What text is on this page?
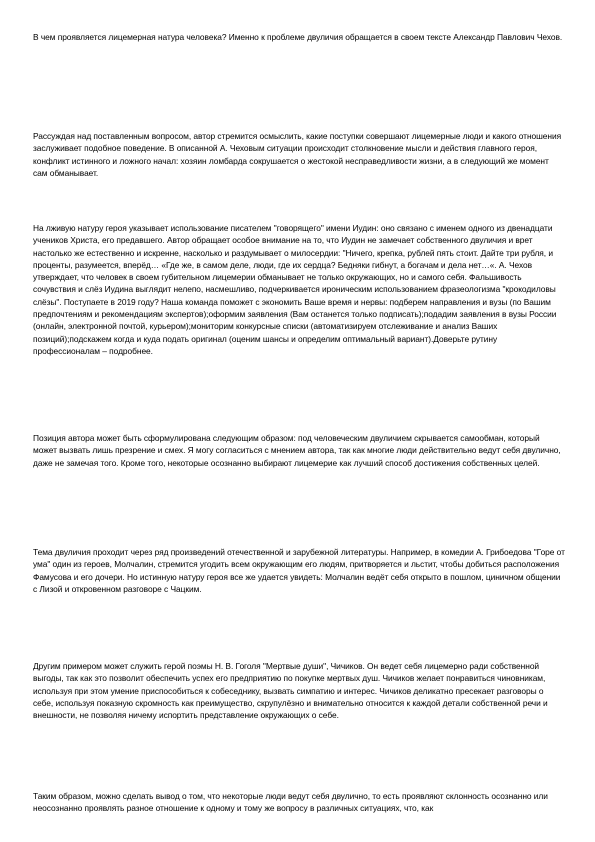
В чем проявляется лицемерная натура человека? Именно к проблеме двуличия обращается в своем тексте Александр Павлович Чехов.

Рассуждая над поставленным вопросом, автор стремится осмыслить, какие поступки совершают лицемерные люди и какого отношения заслуживает подобное поведение. В описанной А. Чеховым ситуации происходит столкновение мысли и действия главного героя, конфликт истинного и ложного начал: хозяин ломбарда сокрушается о жестокой несправедливости жизни, а в следующий же момент сам обманывает.

На лживую натуру героя указывает использование писателем "говорящего" имени Иудин: оно связано с именем одного из двенадцати учеников Христа, его предавшего. Автор обращает особое внимание на то, что Иудин не замечает собственного двуличия и врет настолько же естественно и искренне, насколько и раздумывает о милосердии: "Ничего, крепка, рублей пять стоит. Дайте три рубля, и проценты, разумеется, вперёд… «Где же, в самом деле, люди, где их сердца? Бедняки гибнут, а богачам и дела нет…«. А. Чехов утверждает, что человек в своем губительном лицемерии обманывает не только окружающих, но и самого себя. Фальшивость сочувствия и слёз Иудина выглядит нелепо, насмешливо, подчеркивается ироническим использованием фразеологизма "крокодиловы слёзы". Поступаете в 2019 году? Наша команда поможет с экономить Ваше время и нервы: подберем направления и вузы (по Вашим предпочтениям и рекомендациям экспертов);оформим заявления (Вам останется только подписать);подадим заявления в вузы России (онлайн, электронной почтой, курьером);мониторим конкурсные списки (автоматизируем отслеживание и анализ Ваших позиций);подскажем когда и куда подать оригинал (оценим шансы и определим оптимальный вариант).Доверьте рутину профессионалам – подробнее.

Позиция автора может быть сформулирована следующим образом: под человеческим двуличием скрывается самообман, который может вызвать лишь презрение и смех. Я могу согласиться с мнением автора, так как многие люди действительно ведут себя двулично, даже не замечая того. Кроме того, некоторые осознанно выбирают лицемерие как лучший способ достижения собственных целей.

Тема двуличия проходит через ряд произведений отечественной и зарубежной литературы. Например, в комедии А. Грибоедова "Горе от ума" один из героев, Молчалин, стремится угодить всем окружающим его людям, притворяется и льстит, чтобы добиться расположения Фамусова и его дочери. Но истинную натуру героя все же удается увидеть: Молчалин ведёт себя открыто в пошлом, циничном общении с Лизой и откровенном разговоре с Чацким.

Другим примером может служить герой поэмы Н. В. Гоголя "Мертвые души", Чичиков. Он ведет себя лицемерно ради собственной выгоды, так как это позволит обеспечить успех его предприятию по покупке мертвых душ. Чичиков желает понравиться чиновникам, используя при этом умение приспособиться к собеседнику, вызвать симпатию и интерес. Чичиков деликатно пресекает разговоры о себе, используя показную скромность как преимущество, скрупулёзно и внимательно относится к каждой детали собственной речи и внешности, не позволяя ничему испортить представление окружающих о себе.

Таким образом, можно сделать вывод о том, что некоторые люди ведут себя двулично, то есть проявляют склонность осознанно или неосознанно проявлять разное отношение к одному и тому же вопросу в различных ситуациях, что, как
